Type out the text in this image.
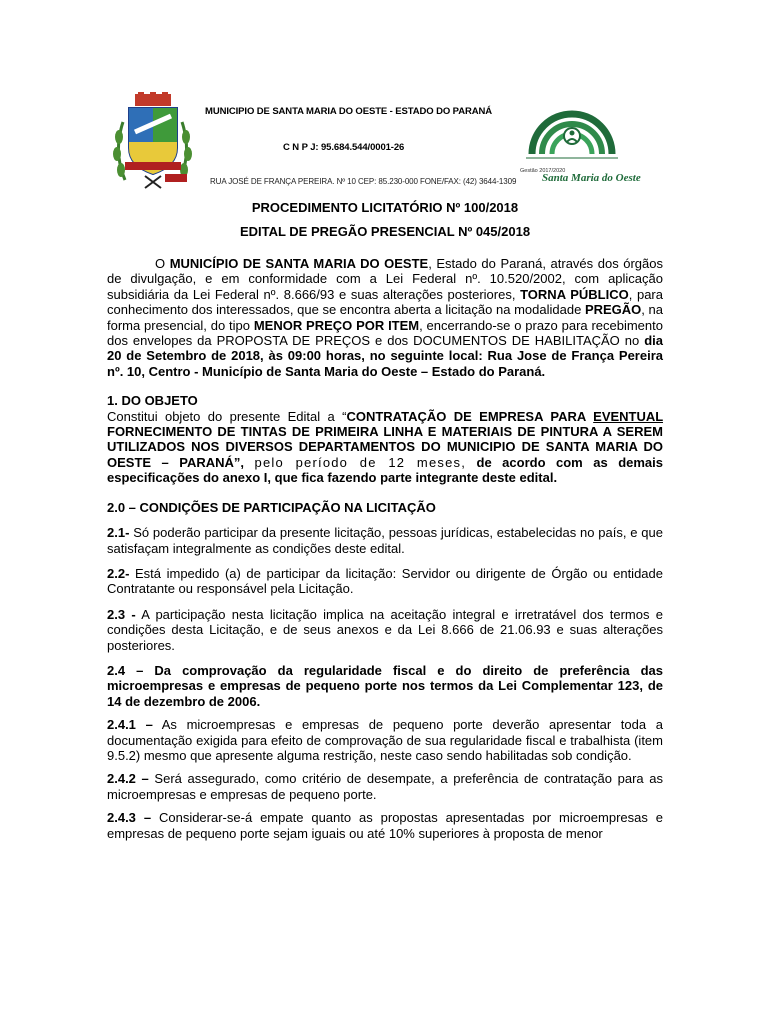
MUNICIPIO DE SANTA MARIA DO OESTE - ESTADO DO PARANÁ
C N P J: 95.684.544/0001-26
RUA JOSÉ DE FRANÇA PEREIRA. Nº 10 CEP: 85.230-000 FONE/FAX: (42) 3644-1309
Gestão 2017/2020
Santa Maria do Oeste
PROCEDIMENTO LICITATÓRIO Nº 100/2018
EDITAL DE PREGÃO PRESENCIAL Nº 045/2018

O MUNICÍPIO DE SANTA MARIA DO OESTE, Estado do Paraná, através dos órgãos de divulgação, e em conformidade com a Lei Federal nº. 10.520/2002, com aplicação subsidiária da Lei Federal nº. 8.666/93 e suas alterações posteriores, TORNA PÚBLICO, para conhecimento dos interessados, que se encontra aberta a licitação na modalidade PREGÃO, na forma presencial, do tipo MENOR PREÇO POR ITEM, encerrando-se o prazo para recebimento dos envelopes da PROPOSTA DE PREÇOS e dos DOCUMENTOS DE HABILITAÇÃO no dia 20 de Setembro de 2018, às 09:00 horas, no seguinte local: Rua Jose de França Pereira nº. 10, Centro - Município de Santa Maria do Oeste – Estado do Paraná.

1. DO OBJETO

Constitui objeto do presente Edital a “CONTRATAÇÃO DE EMPRESA PARA EVENTUAL FORNECIMENTO DE TINTAS DE PRIMEIRA LINHA E MATERIAIS DE PINTURA A SEREM UTILIZADOS NOS DIVERSOS DEPARTAMENTOS DO MUNICIPIO DE SANTA MARIA DO OESTE – PARANÁ”, pelo período de 12 meses, de acordo com as demais especificações do anexo I, que fica fazendo parte integrante deste edital.

2.0 – CONDIÇÕES DE PARTICIPAÇÃO NA LICITAÇÃO

2.1- Só poderão participar da presente licitação, pessoas jurídicas, estabelecidas no país, e que satisfaçam integralmente as condições deste edital.

2.2- Está impedido (a) de participar da licitação: Servidor ou dirigente de Órgão ou entidade Contratante ou responsável pela Licitação.

2.3 - A participação nesta licitação implica na aceitação integral e irretratável dos termos e condições desta Licitação, e de seus anexos e da Lei 8.666 de 21.06.93 e suas alterações posteriores.

2.4 – Da comprovação da regularidade fiscal e do direito de preferência das microempresas e empresas de pequeno porte nos termos da Lei Complementar 123, de 14 de dezembro de 2006.

2.4.1 – As microempresas e empresas de pequeno porte deverão apresentar toda a documentação exigida para efeito de comprovação de sua regularidade fiscal e trabalhista (item 9.5.2) mesmo que apresente alguma restrição, neste caso sendo habilitadas sob condição.

2.4.2 – Será assegurado, como critério de desempate, a preferência de contratação para as microempresas e empresas de pequeno porte.

2.4.3 – Considerar-se-á empate quanto as propostas apresentadas por microempresas e empresas de pequeno porte sejam iguais ou até 10% superiores à proposta de menor
